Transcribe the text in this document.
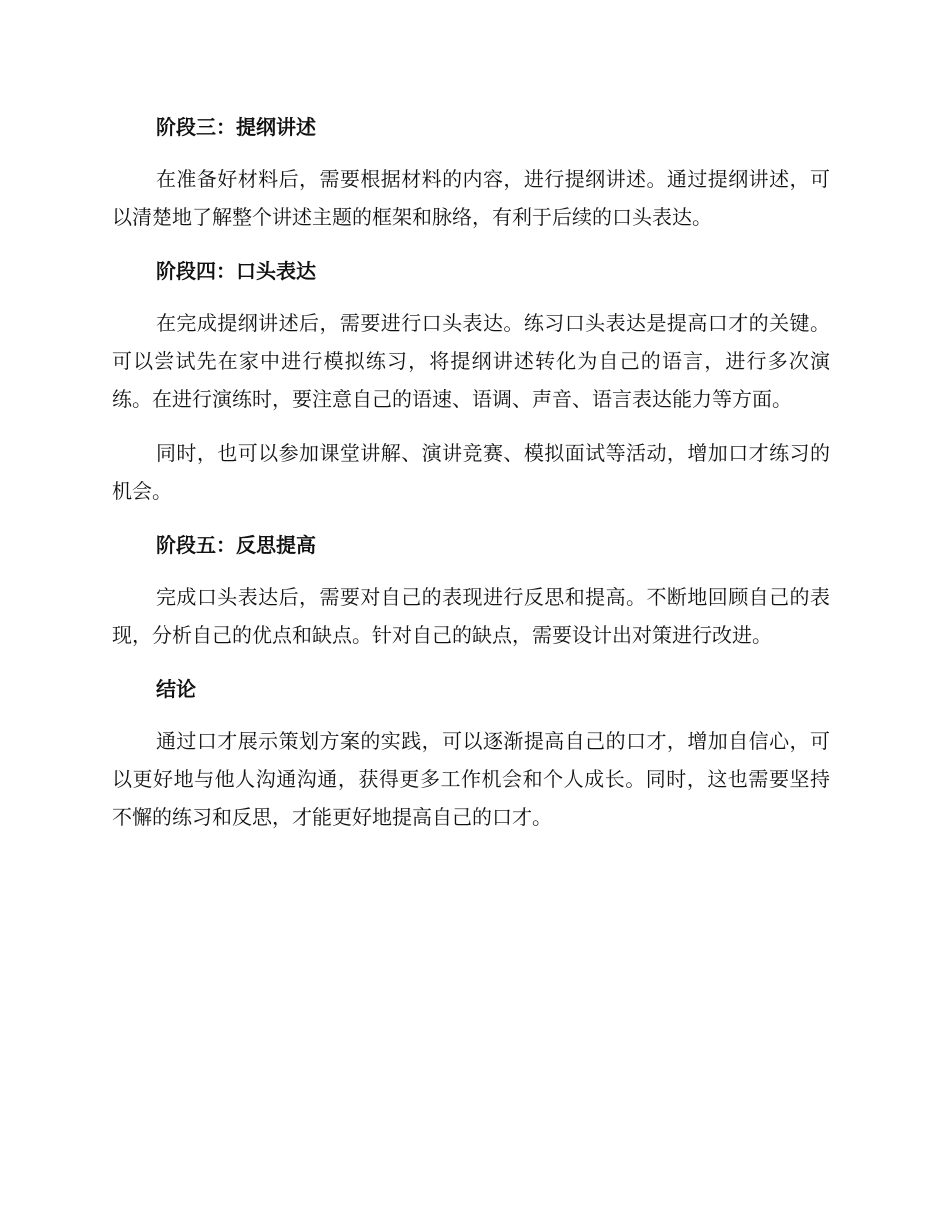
阶段三：提纲讲述

在准备好材料后，需要根据材料的内容，进行提纲讲述。通过提纲讲述，可以清楚地了解整个讲述主题的框架和脉络，有利于后续的口头表达。

阶段四：口头表达

在完成提纲讲述后，需要进行口头表达。练习口头表达是提高口才的关键。可以尝试先在家中进行模拟练习，将提纲讲述转化为自己的语言，进行多次演练。在进行演练时，要注意自己的语速、语调、声音、语言表达能力等方面。

同时，也可以参加课堂讲解、演讲竞赛、模拟面试等活动，增加口才练习的机会。

阶段五：反思提高

完成口头表达后，需要对自己的表现进行反思和提高。不断地回顾自己的表现，分析自己的优点和缺点。针对自己的缺点，需要设计出对策进行改进。

结论

通过口才展示策划方案的实践，可以逐渐提高自己的口才，增加自信心，可以更好地与他人沟通沟通，获得更多工作机会和个人成长。同时，这也需要坚持不懈的练习和反思，才能更好地提高自己的口才。
